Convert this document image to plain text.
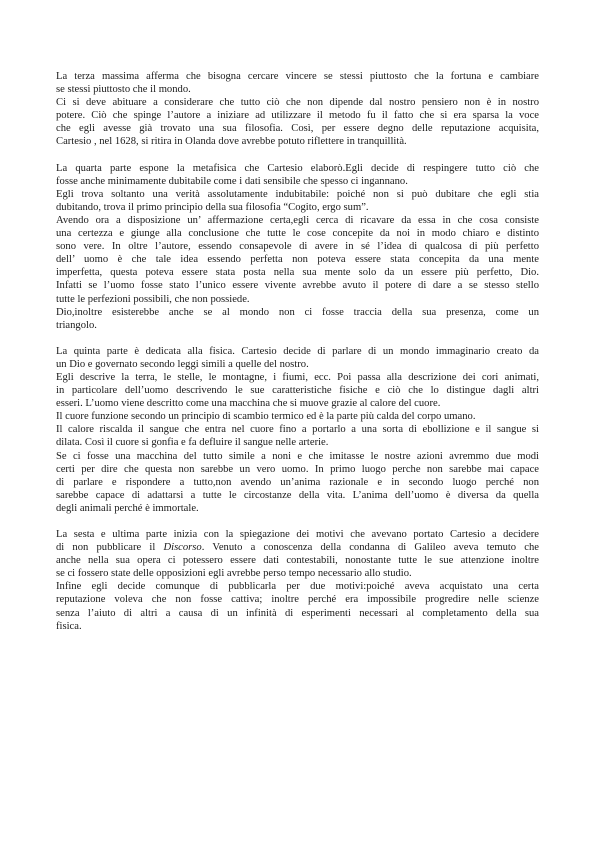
La terza massima afferma che bisogna cercare vincere se stessi piuttosto che la fortuna e cambiare
se stessi piuttosto che il mondo.
Ci si deve abituare a considerare che tutto ciò che non dipende dal nostro pensiero non è in nostro
potere. Ciò che spinge l’autore a iniziare ad utilizzare il metodo fu il fatto che si era sparsa la voce
che egli avesse già trovato una sua filosofia. Così, per essere degno delle reputazione acquisita,
Cartesio , nel 1628, si ritira in Olanda dove avrebbe potuto riflettere in tranquillità.
La quarta parte espone la metafisica che Cartesio elaborò.Egli decide di respingere tutto ciò che
fosse anche minimamente dubitabile come i dati sensibile che spesso ci ingannano.
Egli trova soltanto una verità assolutamente indubitabile: poiché non si può dubitare che egli stia
dubitando, trova il primo principio della sua filosofia “Cogito, ergo sum”.
Avendo ora a disposizione un’ affermazione certa,egli cerca di ricavare da essa in che cosa consiste
una certezza e giunge alla conclusione che tutte le cose concepite da noi in modo chiaro e distinto
sono vere. In oltre l’autore, essendo consapevole di avere in sé l’idea di qualcosa di più perfetto
dell’ uomo è che tale idea essendo perfetta non poteva essere stata concepita da una mente
imperfetta, questa poteva essere stata posta nella sua mente solo da un essere più perfetto, Dio.
Infatti se l’uomo fosse stato l’unico essere vivente avrebbe avuto il potere di dare a se stesso stello
tutte le perfezioni possibili, che non possiede.
Dio,inoltre esisterebbe anche se al mondo non ci fosse traccia della sua presenza, come un
triangolo.
La quinta parte è dedicata alla fisica. Cartesio decide di parlare di un mondo immaginario creato da
un Dio e governato secondo leggi simili a quelle del nostro.
Egli descrive la terra, le stelle, le montagne, i fiumi, ecc. Poi passa alla descrizione dei cori animati,
in particolare dell’uomo descrivendo le sue caratteristiche fisiche e ciò che lo distingue dagli altri
esseri. L’uomo viene descritto come una macchina che si muove grazie al calore del cuore.
Il cuore funzione secondo un principio di scambio termico ed è la parte più calda del corpo umano.
Il calore riscalda il sangue che entra nel cuore fino a portarlo a una sorta di ebollizione e il sangue si
dilata. Così il cuore si gonfia e fa defluire il sangue nelle arterie.
Se ci fosse una macchina del tutto simile a noni e che imitasse le nostre azioni avremmo due modi
certi per dire che questa non sarebbe un vero uomo. In primo luogo perche non sarebbe mai capace
di parlare e rispondere a tutto,non avendo un’anima razionale e in secondo luogo perché non
sarebbe capace di adattarsi a tutte le circostanze della vita. L’anima dell’uomo è diversa da quella
degli animali perché è immortale.
La sesta e ultima parte inizia con la spiegazione dei motivi che avevano portato Cartesio a decidere
di non pubblicare il Discorso. Venuto a conoscenza della condanna di Galileo aveva temuto che
anche nella sua opera ci potessero essere dati contestabili, nonostante tutte le sue attenzione inoltre
se ci fossero state delle opposizioni egli avrebbe perso tempo necessario allo studio.
Infine egli decide comunque di pubblicarla per due motivi:poiché aveva acquistato una certa
reputazione voleva che non fosse cattiva; inoltre perché era impossibile progredire nelle scienze
senza l’aiuto di altri a causa di un infinità di esperimenti necessari al completamento della sua
fisica.
